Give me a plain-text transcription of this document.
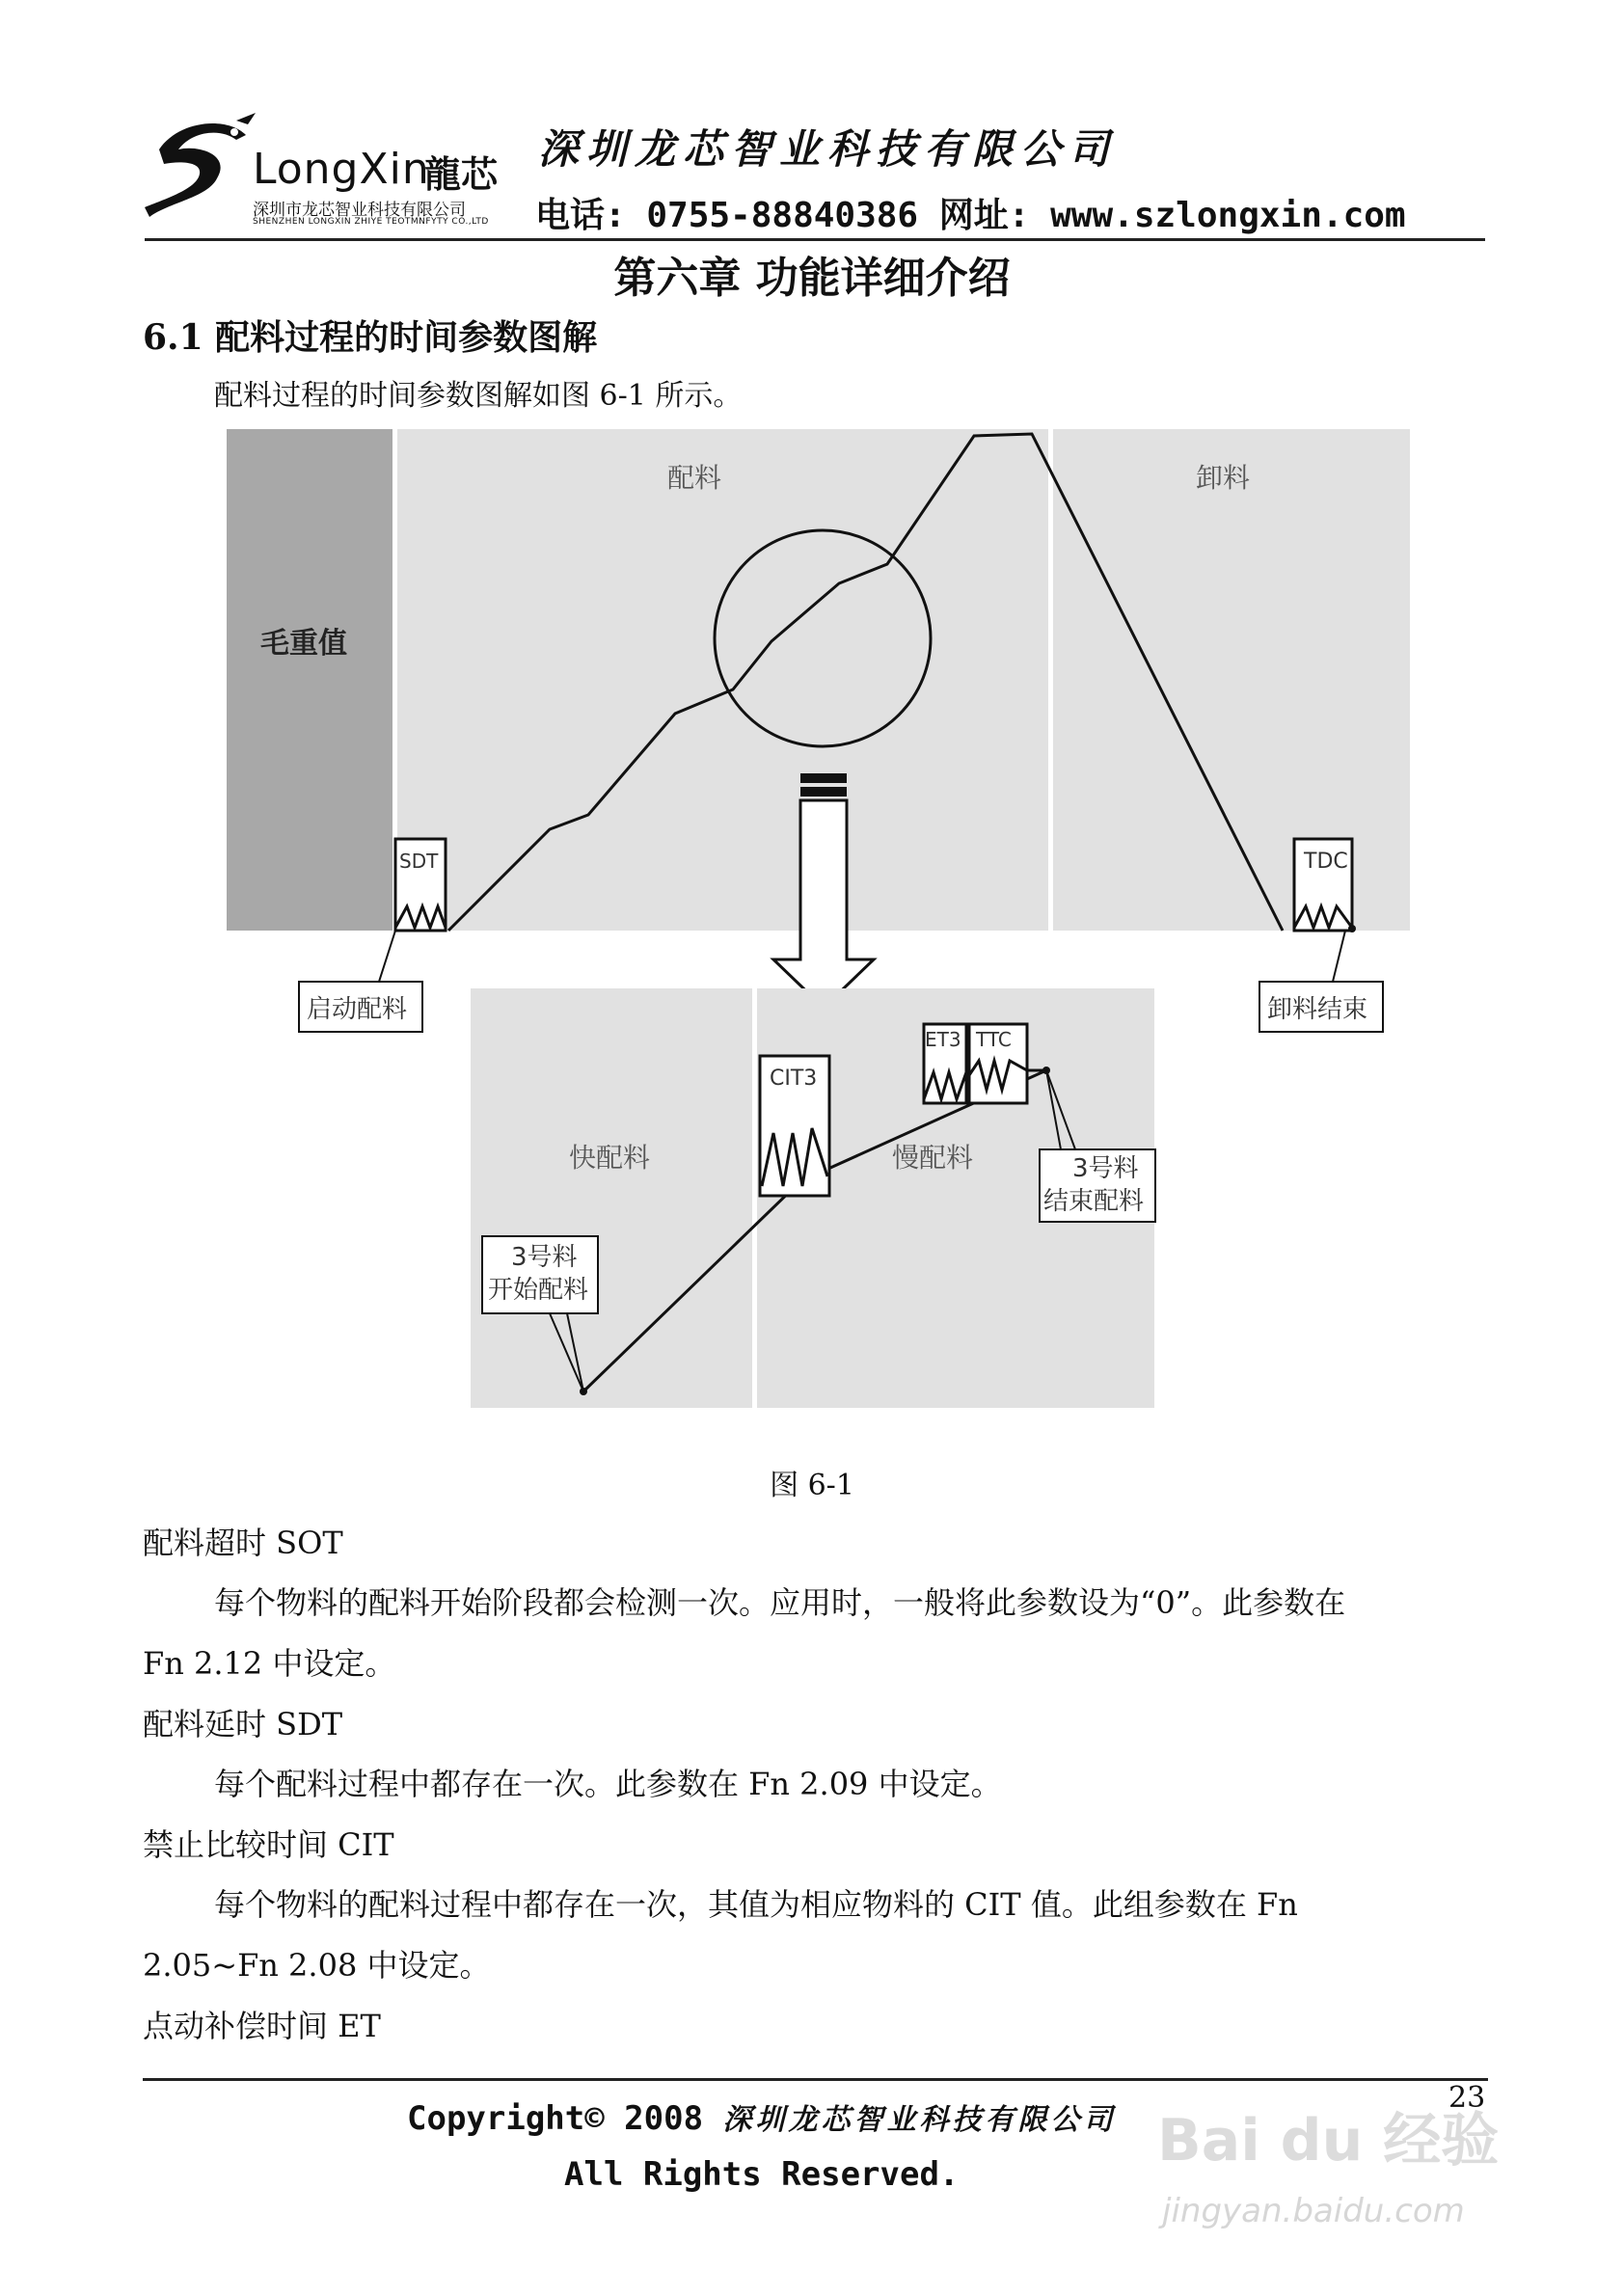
LongXin
龍芯
深圳市龙芯智业科技有限公司
SHENZHEN LONGXIN ZHIYE TEOTMNFYTY CO.,LTD
深圳龙芯智业科技有限公司
电话: 0755-88840386 网址: www.szlongxin.com
第六章 功能详细介绍
6.1 配料过程的时间参数图解
配料过程的时间参数图解如图 6-1 所示。
毛重值
配料	卸料
SDT	TDC
启动配料	卸料结束
快配料	慢配料
CIT3
ET3 TTC
3号料
开始配料
3号料
结束配料
图 6-1
配料超时 SOT
每个物料的配料开始阶段都会检测一次。应用时，一般将此参数设为“0”。此参数在
Fn 2.12 中设定。
配料延时 SDT
每个配料过程中都存在一次。此参数在 Fn 2.09 中设定。
禁止比较时间 CIT
每个物料的配料过程中都存在一次，其值为相应物料的 CIT 值。此组参数在 Fn
2.05~Fn 2.08 中设定。
点动补偿时间 ET
23
Copyright© 2008 深圳龙芯智业科技有限公司
All Rights Reserved.	Bai du 经验
jingyan.baidu.com
